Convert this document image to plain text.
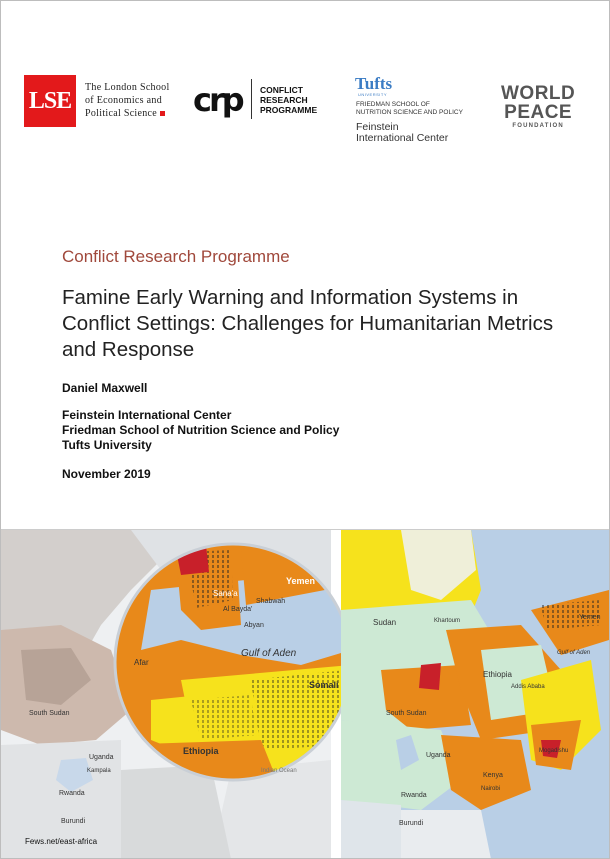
LSE The London School
of Economics and
Political Science	crp CONFLICT
RESEARCH
PROGRAMME
Tufts
UNIVERSITY
FRIEDMAN SCHOOL OF
NUTRITION SCIENCE AND POLICY
Feinstein
International Center
WORLD
PEACE
FOUNDATION
Conflict Research Programme
Famine Early Warning and Information Systems in Conflict Settings: Challenges for Humanitarian Metrics and Response
Daniel Maxwell
Feinstein International Center
Friedman School of Nutrition Science and Policy
Tufts University
November 2019
Yemen
Sana'a
Shabwah
Al Bayda'
Abyan
Gulf of Aden
Somali
Afar
Ethiopia
South Sudan
Uganda
Kampala
Rwanda
Burundi
Indian Ocean
Sudan	Khartoum	Yemen
Gulf of Aden
Ethiopia
Addis Ababa
South Sudan
Uganda
Mogadishu
Kenya
Nairobi
Rwanda
Burundi
Fews.net/east-africa
